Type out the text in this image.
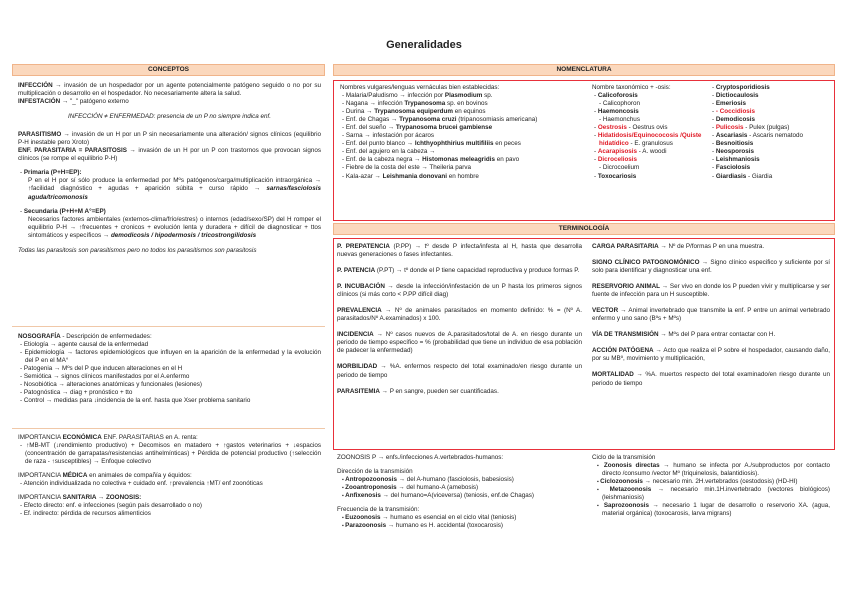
Generalidades
CONCEPTOS

INFECCIÓN → invasión de un hospedador por un agente potencialmente patógeno seguido o no por su multiplicación o desarrollo en el hospedador. No necesariamente altera la salud.

INFESTACIÓN → "_" patógeno externo

INFECCIÓN ≠ ENFERMEDAD: presencia de un P no siempre indica enf.

PARASITISMO → invasión de un H por un P sin necesariamente una alteración/ signos clínicos (equilibrio P-H inestable pero Xroto)

ENF. PARASITARIA = PARASITOSIS → invasión de un H por un P con trastornos que provocan signos clínicos (se rompe el equilibrio P-H)

- Primaria (P+H=EP):

P en el H por sí sólo produce la enfermedad por Mºs patógenos/carga/multiplicación intraorgánica → ↑facilidad diagnóstico + agudas + aparición súbita + curso rápido → sarnas/fasciolosis aguda/tricomonosis

- Secundaria (P+H+M A°=EP)

Necesarios factores ambientales (externos-clima/frío/estres) o internos (edad/sexo/SP) del H romper el equilibrio P-H → ↑frecuentes + cronicos + evolución lenta y duradera + difícil de diagnosticar + ttos sintomáticos y específicos → demodicosis / hipodermosis / tricostrongilidosis

Todas las parasitosis son parasitismos pero no todos los parasitismos son parasitosis

NOSOGRAFÍA - Descripción de enfermedades:

- Etiología → agente causal de la enfermedad
- Epidemiología → factores epidemiológicos que influyen en la aparición de la enfermedad y la evolución del P en el MA°
- Patogenia → Mºs del P que inducen alteraciones en el H
- Semiótica → signos clínicos manifestados por el A.enfermo
- Nosobiótica → alteraciones anatómicas y funcionales (lesiones)
- Patognóstica → diag + pronóstico + tto
- Control → medidas para ↓incidencia de la enf. hasta que Xser problema sanitario

IMPORTANCIA ECONÓMICA ENF. PARASITARIAS en A. renta:

- ↑MB-MT (↓rendimiento productivo) + Decomisos en matadero + ↑gastos veterinarios + ↓espacios (concentración de garrapatas/resistencias antihelmínticas) + Pérdida de potencial productivo (↑selección de raza - ↑susceptibles) → Enfoque colectivo

IMPORTANCIA MÉDICA en animales de compañía y équidos:

- Atención individualizada no colectiva + cuidado enf. ↑prevalencia ↑MT/ enf zoonóticas

IMPORTANCIA SANITARIA → ZOONOSIS:

- Efecto directo: enf. e infecciones (según país desarrollado o no)
- Ef. indirecto: pérdida de recursos alimenticios
NOMENCLATURA

Nombres vulgares/lenguas vernáculas bien establecidas:

- Malaria/Paludismo → infección por Plasmodium sp.
- Nagana → infección Trypanosoma sp. en bovinos
- Durina → Trypanosoma equiperdum en equinos
- Enf. de Chagas → Trypanosoma cruzi (tripanosomiasis americana)
- Enf. del sueño → Trypanosoma brucei gambiense
- Sarna → infestación por ácaros
- Enf. del punto blanco → Ichthyophthirius multifiliis en peces
- Enf. del agujero en la cabeza →
- Enf. de la cabeza negra → Histomonas meleagridis en pavo
- Fiebre de la costa del este → Theileria parva
- Kala-azar → Leishmania donovani en hombre

Nombre taxonómico + -osis:

- Calicoforosis
- Calicophoron
- Haemoncosis
- Haemonchus
- Oestrosis - Oestrus ovis
- Hidatidosis/Equinococosis /Quiste hidatídico - E. granulosus
- Acarapisosis - A. woodi
- Dicroceliosis
- Dicrocoelium
- Toxocariosis
- Cryptosporidiosis
- Dictiocaulosis
- Emeriosis
- - Coccidiosis
- Demodicosis
- Pulicosis - Pulex (pulgas)
- Ascariasis - Ascaris nematodo
- Besnoitiosis
- Neosporosis
- Leishmaniosis
- Fasciolosis
- Giardiasis - Giardia
TERMINOLOGÍA

P. PREPATENCIA (P.PP) → tº desde P infecta/infesta al H, hasta que desarrolla nuevas generaciones o fases infectantes.

P. PATENCIA (P.PT) → tº donde el P tiene capacidad reproductiva y produce formas P.

P. INCUBACIÓN → desde la infección/infestación de un P hasta los primeros signos clínicos (si más corto < P.PP difícil diag)

PREVALENCIA → Nº de animales parasitados en momento definido: % = (Nº A. parasitados/Nº A.examinados) x 100.

INCIDENCIA → Nº casos nuevos de A.parasitados/total de A. en riesgo durante un periodo de tiempo específico = % (probabilidad que tiene un individuo de esa población de padecer la enfermedad)

MORBILIDAD → %A. enfermos respecto del total examinado/en riesgo durante un periodo de tiempo

PARASITEMIA → P en sangre, pueden ser cuantificadas.

CARGA PARASITARIA → Nº de P/formas P en una muestra.

SIGNO CLÍNICO PATOGNOMÓNICO → Signo clínico especifico y suficiente por sí solo para identificar y diagnosticar una enf.

RESERVORIO ANIMAL → Ser vivo en donde los P pueden vivir y multiplicarse y ser fuente de infección para un H susceptible.

VECTOR → Animal invertebrado que transmite la enf. P entre un animal vertebrado enfermo y uno sano (Bºs + Mºs)

VÍA DE TRANSMISIÓN → Mºs del P para entrar contactar con H.

ACCIÓN PATÓGENA → Acto que realiza el P sobre el hospedador, causando daño, por su MBº, movimiento y multiplicación,

MORTALIDAD → %A. muertos respecto del total examinado/en riesgo durante un periodo de tiempo

ZOONOSIS P → enfs./infecciones A.vertebrados-humanos:

Dirección de la transmisión

▪ Antropozoonosis → del A-humano (fasciolosis, babesiosis)
▪ Zooantroponosis → del humano-A (amebosis)
▪ Anfixenosis → del humano=A(viceversa) (teniosis, enf.de Chagas)

Frecuencia de la transmisión:

▪ Euzoonosis → humano es esencial en el ciclo vital (teniosis)
▪ Parazoonosis → humano es H. accidental (toxocarosis)

Ciclo de la transmisión

▪ Zoonosis directas → humano se infecta por A./subproductos por contacto directo /consumo /vector Mº (triquinelosis, balantidiosis).
▪ Ciclozoonosis → necesario min. 2H.vertebrados (cestodosis) (HD-HI)
▪ Metazoonosis → necesario min.1H.invertebrado (vectores biológicos) (leishmaniosis)
▪ Saprozoonosis → necesario 1 lugar de desarrollo o reservorio XA. (agua, material orgánica) (toxocarosis, larva migrans)
